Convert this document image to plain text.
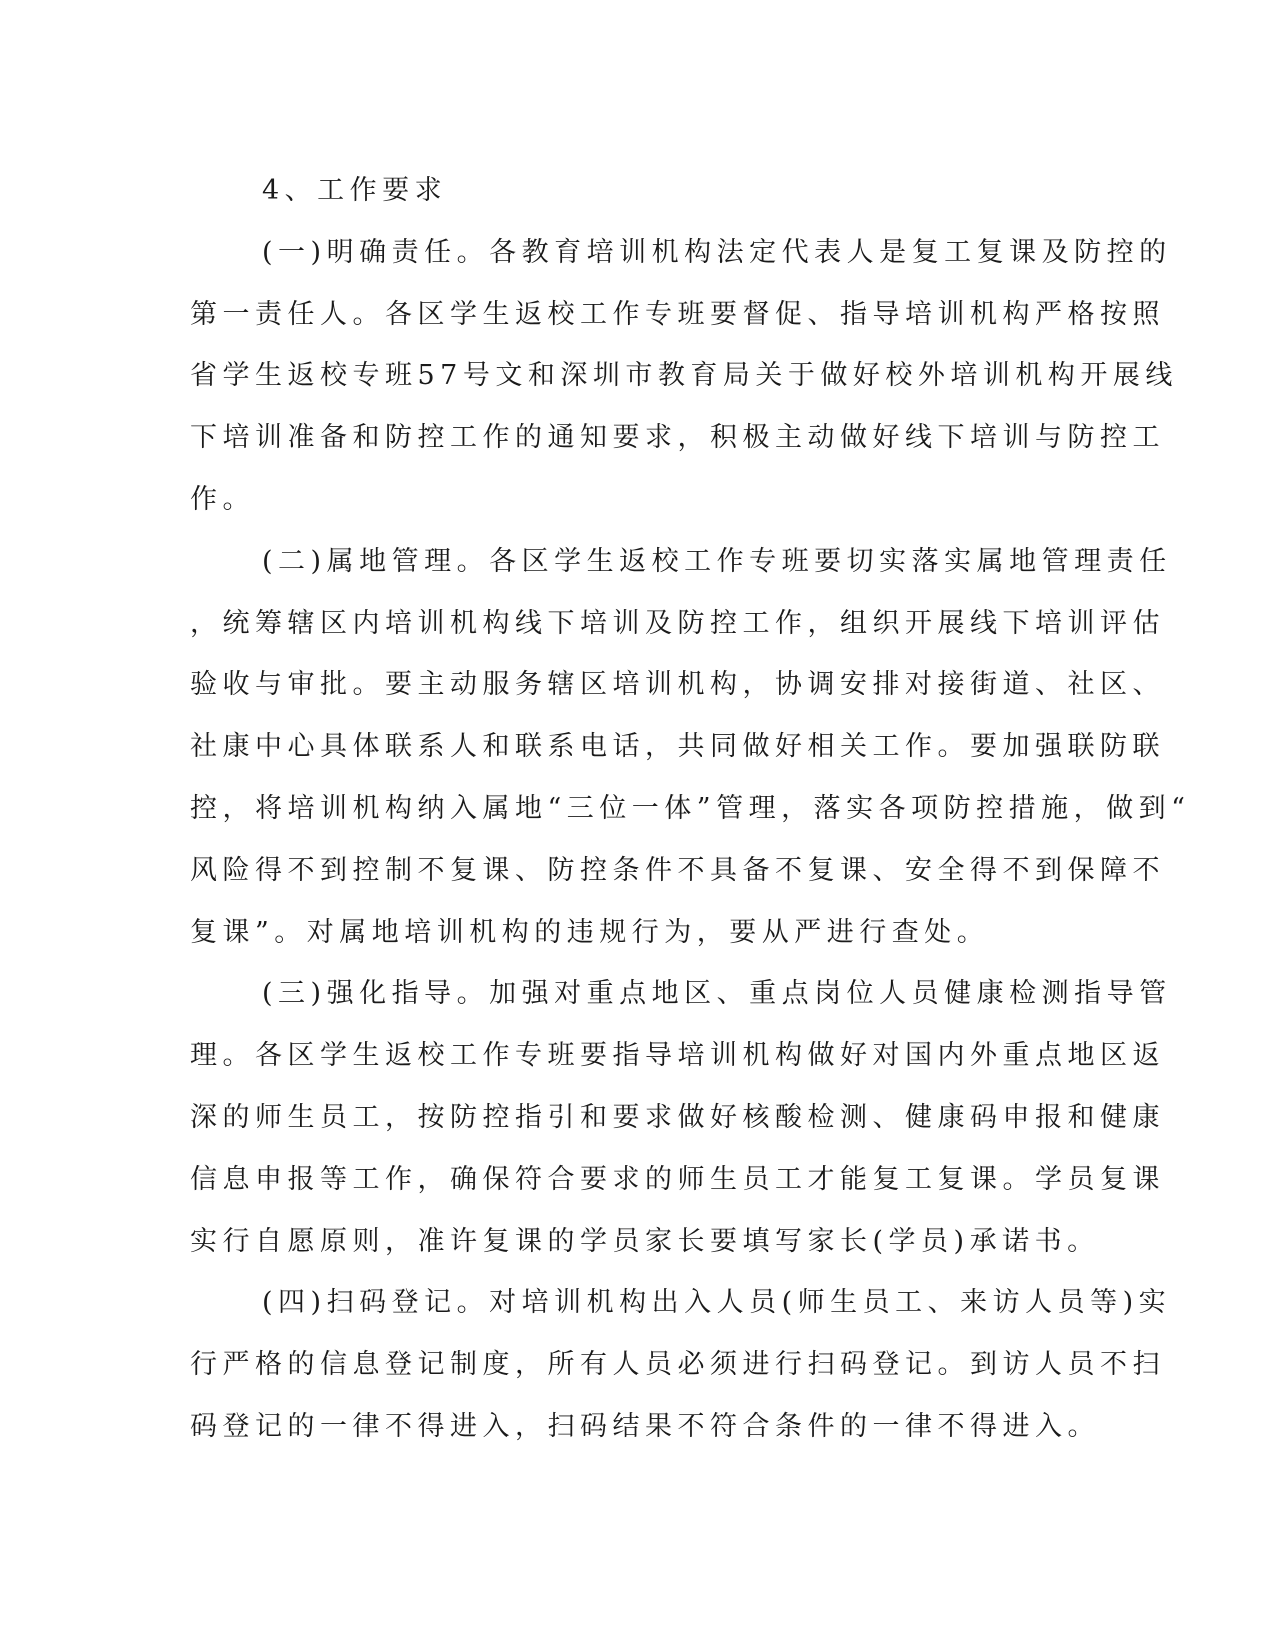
4、工作要求
(一)明确责任。各教育培训机构法定代表人是复工复课及防控的
第一责任人。各区学生返校工作专班要督促、指导培训机构严格按照
省学生返校专班57号文和深圳市教育局关于做好校外培训机构开展线
下培训准备和防控工作的通知要求，积极主动做好线下培训与防控工
作。
(二)属地管理。各区学生返校工作专班要切实落实属地管理责任
，统筹辖区内培训机构线下培训及防控工作，组织开展线下培训评估
验收与审批。要主动服务辖区培训机构，协调安排对接街道、社区、
社康中心具体联系人和联系电话，共同做好相关工作。要加强联防联
控，将培训机构纳入属地“三位一体”管理，落实各项防控措施，做到“
风险得不到控制不复课、防控条件不具备不复课、安全得不到保障不
复课”。对属地培训机构的违规行为，要从严进行查处。
(三)强化指导。加强对重点地区、重点岗位人员健康检测指导管
理。各区学生返校工作专班要指导培训机构做好对国内外重点地区返
深的师生员工，按防控指引和要求做好核酸检测、健康码申报和健康
信息申报等工作，确保符合要求的师生员工才能复工复课。学员复课
实行自愿原则，准许复课的学员家长要填写家长(学员)承诺书。
(四)扫码登记。对培训机构出入人员(师生员工、来访人员等)实
行严格的信息登记制度，所有人员必须进行扫码登记。到访人员不扫
码登记的一律不得进入，扫码结果不符合条件的一律不得进入。
